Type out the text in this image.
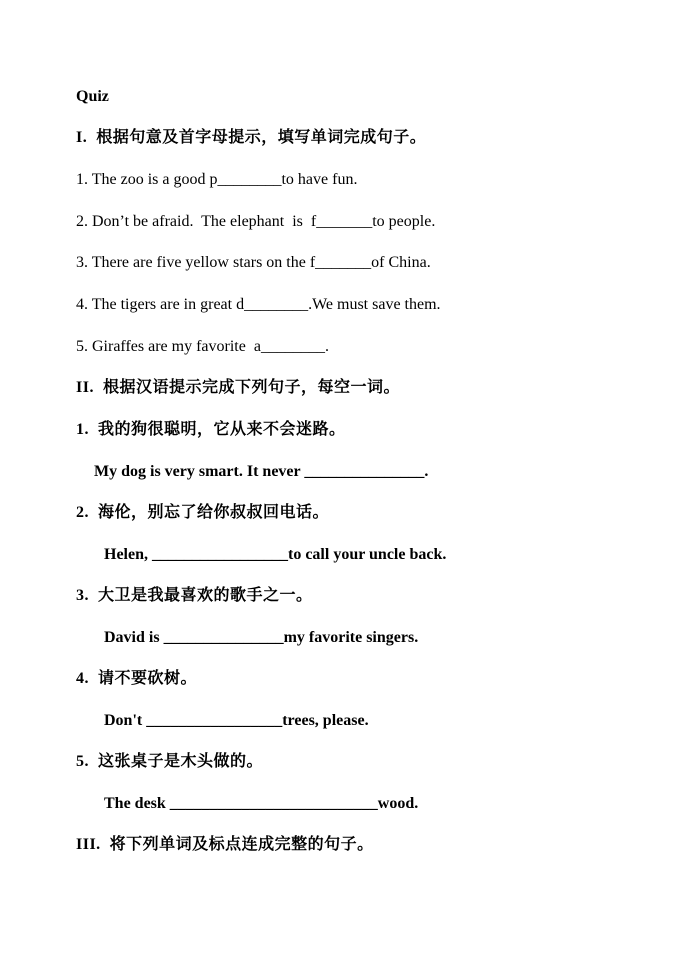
Quiz
I.  根据句意及首字母提示，填写单词完成句子。
1. The zoo is a good p________to have fun.
2. Don’t be afraid.  The elephant  is  f_______to people.
3. There are five yellow stars on the f_______of China.
4. The tigers are in great d________.We must save them.
5. Giraffes are my favorite  a________.
II.  根据汉语提示完成下列句子，每空一词。
1.  我的狗很聪明，它从来不会迷路。
My dog is very smart. It never _______________.
2.  海伦，别忘了给你叔叔回电话。
Helen, _________________to call your uncle back.
3.  大卫是我最喜欢的歌手之一。
David is _______________my favorite singers.
4.  请不要砍树。
Don't _________________trees, please.
5.  这张桌子是木头做的。
The desk __________________________wood.
III.  将下列单词及标点连成完整的句子。
